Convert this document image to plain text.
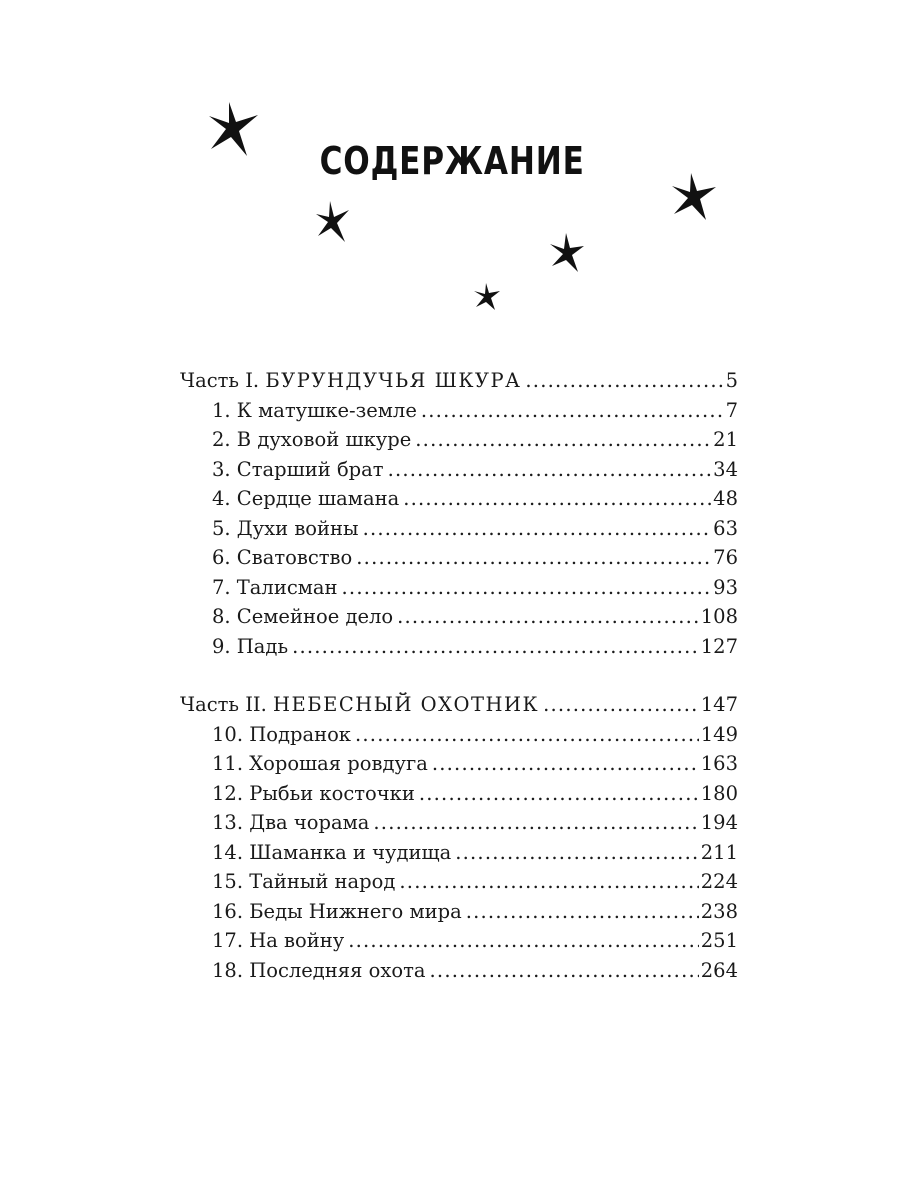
СОДЕРЖАНИЕ
Часть I. БУРУНДУЧЬЯ ШКУРА .....	5
1. К матушке-земле .....	7
2. В духовой шкуре .....	21
3. Старший брат .....	34
4. Сердце шамана .....	48
5. Духи войны .....	63
6. Сватовство .....	76
7. Талисман .....	93
8. Семейное дело .....	108
9. Падь .....	127
Часть II. НЕБЕСНЫЙ ОХОТНИК .....	147
10. Подранок .....	149
11. Хорошая ровдуга .....	163
12. Рыбьи косточки .....	180
13. Два чорама .....	194
14. Шаманка и чудища .....	211
15. Тайный народ .....	224
16. Беды Нижнего мира .....	238
17. На войну .....	251
18. Последняя охота .....	264
